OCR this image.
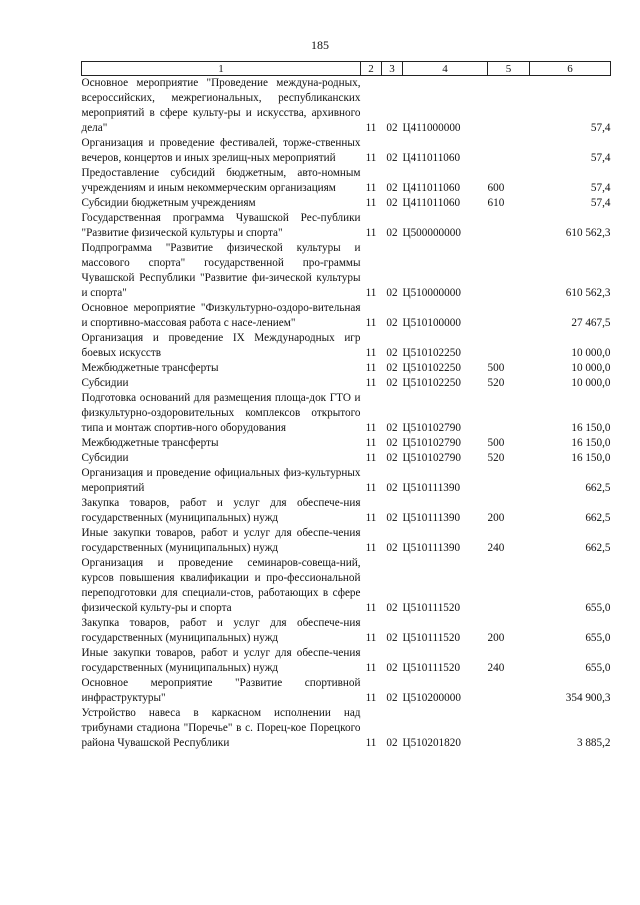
185
1	2	3	4	5	6
Основное мероприятие "Проведение междуна-родных, всероссийских, межрегиональных, республиканских мероприятий в сфере культу-ры и искусства, архивного дела"	11	02	Ц411000000		57,4
Организация и проведение фестивалей, торже-ственных вечеров, концертов и иных зрелищ-ных мероприятий	11	02	Ц411011060		57,4
Предоставление субсидий бюджетным, авто-номным учреждениям и иным некоммерческим организациям	11	02	Ц411011060	600	57,4
Субсидии бюджетным учреждениям	11	02	Ц411011060	610	57,4
Государственная программа Чувашской Рес-публики "Развитие физической культуры и спорта"	11	02	Ц500000000		610 562,3
Подпрограмма "Развитие физической культуры и массового спорта" государственной про-граммы Чувашской Республики "Развитие фи-зической культуры и спорта"	11	02	Ц510000000		610 562,3
Основное мероприятие "Физкультурно-оздоро-вительная и спортивно-массовая работа с насе-лением"	11	02	Ц510100000		27 467,5
Организация и проведение IX Международных игр боевых искусств	11	02	Ц510102250		10 000,0
Межбюджетные трансферты	11	02	Ц510102250	500	10 000,0
Субсидии	11	02	Ц510102250	520	10 000,0
Подготовка оснований для размещения площа-док ГТО и физкультурно-оздоровительных комплексов открытого типа и монтаж спортив-ного оборудования	11	02	Ц510102790		16 150,0
Межбюджетные трансферты	11	02	Ц510102790	500	16 150,0
Субсидии	11	02	Ц510102790	520	16 150,0
Организация и проведение официальных физ-культурных мероприятий	11	02	Ц510111390		662,5
Закупка товаров, работ и услуг для обеспече-ния государственных (муниципальных) нужд	11	02	Ц510111390	200	662,5
Иные закупки товаров, работ и услуг для обеспе-чения государственных (муниципальных) нужд	11	02	Ц510111390	240	662,5
Организация и проведение семинаров-совеща-ний, курсов повышения квалификации и про-фессиональной переподготовки для специали-стов, работающих в сфере физической культу-ры и спорта	11	02	Ц510111520		655,0
Закупка товаров, работ и услуг для обеспече-ния государственных (муниципальных) нужд	11	02	Ц510111520	200	655,0
Иные закупки товаров, работ и услуг для обеспе-чения государственных (муниципальных) нужд	11	02	Ц510111520	240	655,0
Основное мероприятие "Развитие спортивной инфраструктуры"	11	02	Ц510200000		354 900,3
Устройство навеса в каркасном исполнении над трибунами стадиона "Поречье" в с. Порец-кое Порецкого района Чувашской Республики	11	02	Ц510201820		3 885,2
